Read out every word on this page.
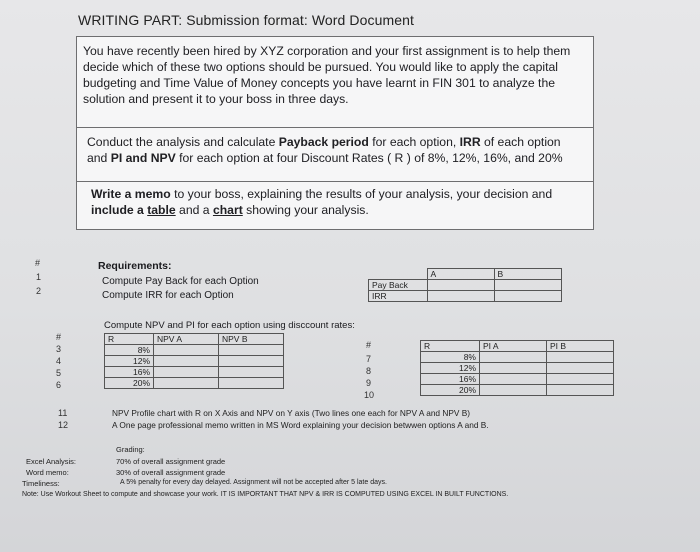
WRITING PART: Submission format: Word Document

You have recently been hired by XYZ corporation and your first assignment is to help them decide which of these two options should be pursued. You would like to apply the capital budgeting and Time Value of Money concepts you have learnt in FIN 301 to analyze the solution and present it to your boss in three days.

Conduct the analysis and calculate Payback period for each option, IRR of each option and PI and NPV for each option at four Discount Rates ( R ) of 8%, 12%, 16%, and 20%

Write a memo to your boss, explaining the results of your analysis, your decision and include a table and a chart showing your analysis.

#
1
2
#
3
4
5
6
11
12
Requirements:
Compute Pay Back for each Option
Compute IRR for each Option
	A	B
Pay Back		
IRR		
Compute NPV and PI for each option using disccount rates:
R	NPV A	NPV B
8%		
12%		
16%		
20%		
#
7
8
9
10
R	PI A	PI B
8%		
12%		
16%		
20%		
NPV Profile chart with R on X Axis and NPV on Y axis (Two lines one each for NPV A and NPV B)
A One page professional memo written in MS Word explaining your decision betwwen options A and B.
Grading:
Excel Analysis:	70% of overall assignment grade
Word memo:	30% of overall assignment grade
Timeliness:	A 5% penalty for every day delayed. Assignment will not be accepted after 5 late days.
Note: Use Workout Sheet to compute and showcase your work. IT IS IMPORTANT THAT NPV & IRR IS COMPUTED USING EXCEL IN BUILT FUNCTIONS.
